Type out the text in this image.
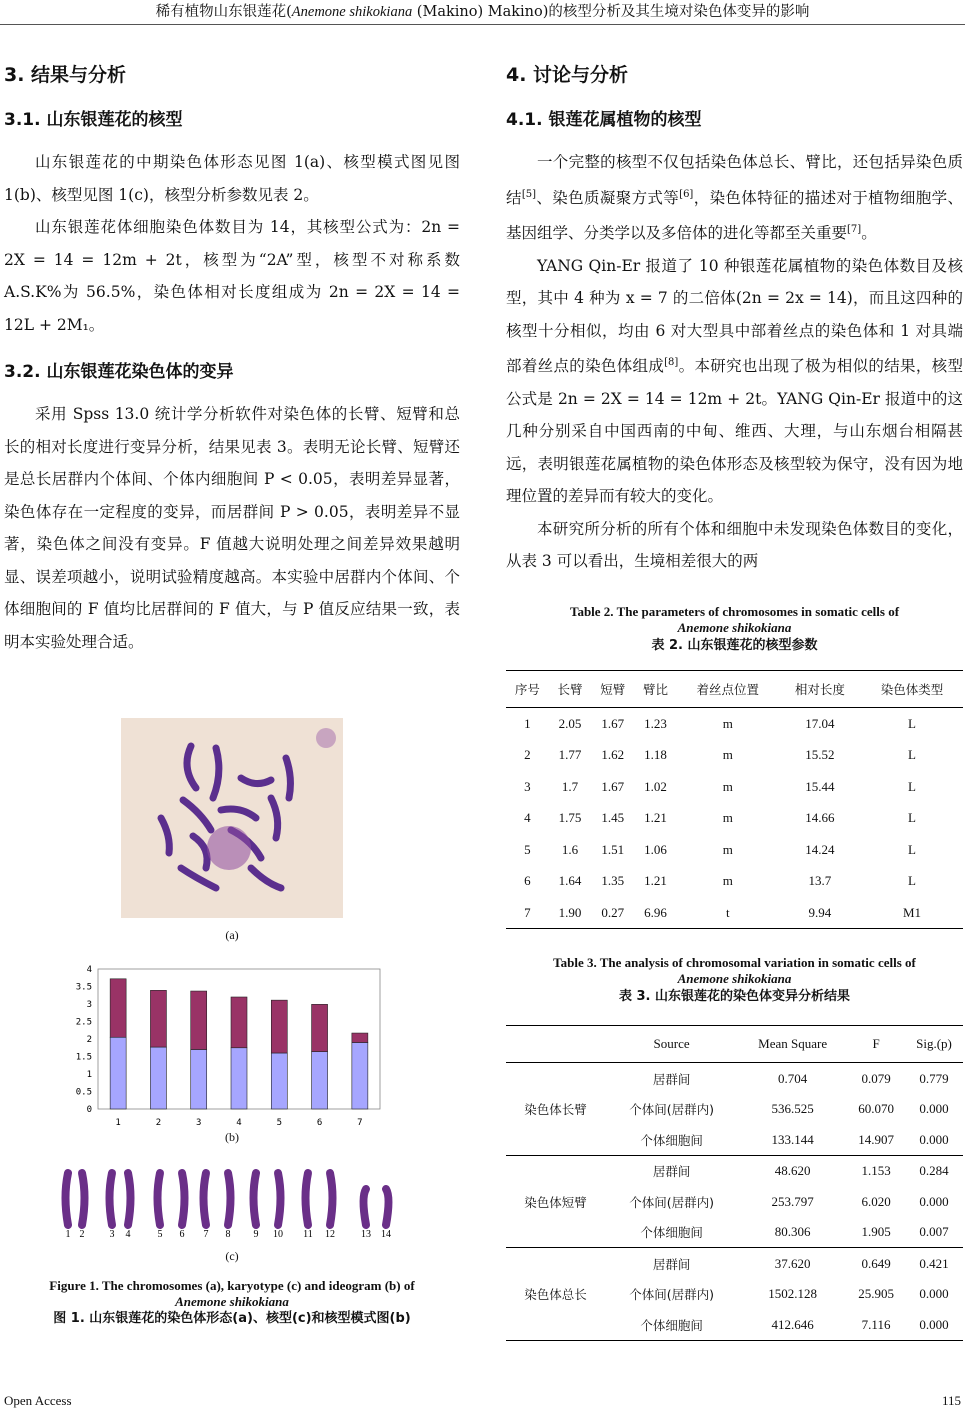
稀有植物山东银莲花(Anemone shikokiana (Makino) Makino)的核型分析及其生境对染色体变异的影响
3. 结果与分析
3.1. 山东银莲花的核型

山东银莲花的中期染色体形态见图 1(a)、核型模式图见图 1(b)、核型见图 1(c)，核型分析参数见表 2。

山东银莲花体细胞染色体数目为 14，其核型公式为：2n = 2X = 14 = 12m + 2t，核型为“2A”型，核型不对称系数 A.S.K%为 56.5%，染色体相对长度组成为 2n = 2X = 14 = 12L + 2M₁。

3.2. 山东银莲花染色体的变异

采用 Spss 13.0 统计学分析软件对染色体的长臂、短臂和总长的相对长度进行变异分析，结果见表 3。表明无论长臂、短臂还是总长居群内个体间、个体内细胞间 P < 0.05，表明差异显著，染色体存在一定程度的变异，而居群间 P > 0.05，表明差异不显著，染色体之间没有变异。F 值越大说明处理之间差异效果越明显、误差项越小，说明试验精度越高。本实验中居群内个体间、个体细胞间的 F 值均比居群间的 F 值大，与 P 值反应结果一致，表明本实验处理合适。

(a)
0
0.5
1
1.5
2
2.5
3
3.5
4
1	2	3	4	5	6	7
(b)
1 2	3 4	5 6 7 8 9 10 11 12	13 14
(c)
Figure 1. The chromosomes (a), karyotype (c) and ideogram (b) of
Anemone shikokiana
图 1. 山东银莲花的染色体形态(a)、核型(c)和核型模式图(b)
4. 讨论与分析
4.1. 银莲花属植物的核型

一个完整的核型不仅包括染色体总长、臂比，还包括异染色质结[5]、染色质凝聚方式等[6]，染色体特征的描述对于植物细胞学、基因组学、分类学以及多倍体的进化等都至关重要[7]。

YANG Qin-Er 报道了 10 种银莲花属植物的染色体数目及核型，其中 4 种为 x = 7 的二倍体(2n = 2x = 14)，而且这四种的核型十分相似，均由 6 对大型具中部着丝点的染色体和 1 对具端部着丝点的染色体组成[8]。本研究也出现了极为相似的结果，核型公式是 2n = 2X = 14 = 12m + 2t。YANG Qin-Er 报道中的这几种分别采自中国西南的中甸、维西、大理，与山东烟台相隔甚远，表明银莲花属植物的染色体形态及核型较为保守，没有因为地理位置的差异而有较大的变化。

本研究所分析的所有个体和细胞中未发现染色体数目的变化，从表 3 可以看出，生境相差很大的两

Table 2. The parameters of chromosomes in somatic cells of
Anemone shikokiana
表 2. 山东银莲花的核型参数
序号	长臂	短臂	臂比	着丝点位置	相对长度	染色体类型
1	2.05	1.67	1.23	m	17.04	L
2	1.77	1.62	1.18	m	15.52	L
3	1.7	1.67	1.02	m	15.44	L
4	1.75	1.45	1.21	m	14.66	L
5	1.6	1.51	1.06	m	14.24	L
6	1.64	1.35	1.21	m	13.7	L
7	1.90	0.27	6.96	t	9.94	M1
Table 3. The analysis of chromosomal variation in somatic cells of
Anemone shikokiana
表 3. 山东银莲花的染色体变异分析结果
	Source	Mean Square	F	Sig.(p)
染色体长臂	居群间	0.704	0.079	0.779
	个体间(居群内)	536.525	60.070	0.000
	个体细胞间	133.144	14.907	0.000
染色体短臂	居群间	48.620	1.153	0.284
	个体间(居群内)	253.797	6.020	0.000
	个体细胞间	80.306	1.905	0.007
染色体总长	居群间	37.620	0.649	0.421
	个体间(居群内)	1502.128	25.905	0.000
	个体细胞间	412.646	7.116	0.000
Open Access	115
